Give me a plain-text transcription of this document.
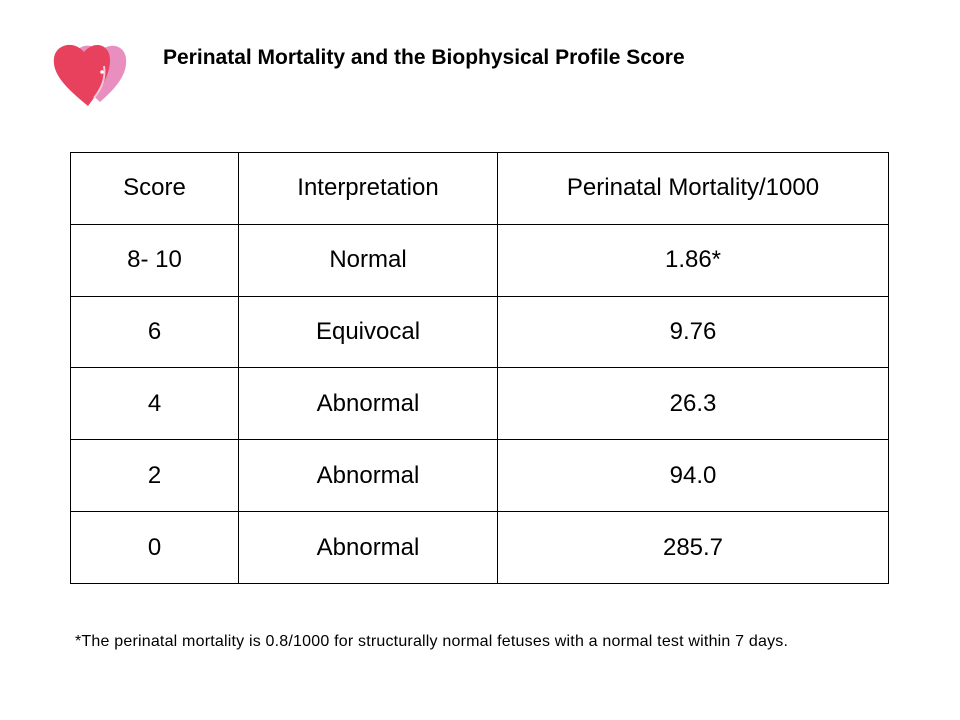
Perinatal Mortality and the Biophysical Profile Score
Score	Interpretation	Perinatal Mortality/1000
8- 10	Normal	1.86*
6	Equivocal	9.76
4	Abnormal	26.3
2	Abnormal	94.0
0	Abnormal	285.7
*The perinatal mortality is 0.8/1000 for structurally normal fetuses with a normal test within 7 days.
